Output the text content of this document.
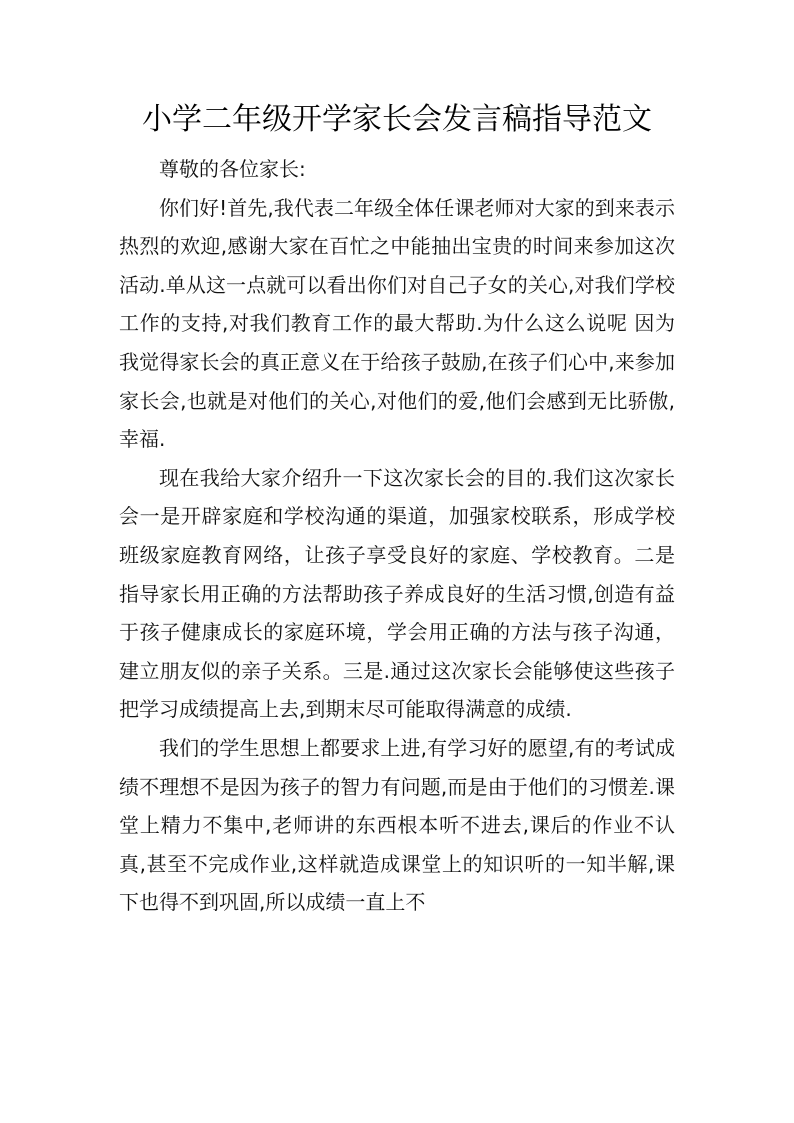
小学二年级开学家长会发言稿指导范文

尊敬的各位家长:

你们好!首先,我代表二年级全体任课老师对大家的到来表示热烈的欢迎,感谢大家在百忙之中能抽出宝贵的时间来参加这次活动.单从这一点就可以看出你们对自己子女的关心,对我们学校工作的支持,对我们教育工作的最大帮助.为什么这么说呢 因为我觉得家长会的真正意义在于给孩子鼓励,在孩子们心中,来参加家长会,也就是对他们的关心,对他们的爱,他们会感到无比骄傲,幸福.

现在我给大家介绍升一下这次家长会的目的.我们这次家长会一是开辟家庭和学校沟通的渠道，加强家校联系，形成学校班级家庭教育网络，让孩子享受良好的家庭、学校教育。二是指导家长用正确的方法帮助孩子养成良好的生活习惯,创造有益于孩子健康成长的家庭环境，学会用正确的方法与孩子沟通，建立朋友似的亲子关系。三是.通过这次家长会能够使这些孩子把学习成绩提高上去,到期末尽可能取得满意的成绩.

我们的学生思想上都要求上进,有学习好的愿望,有的考试成绩不理想不是因为孩子的智力有问题,而是由于他们的习惯差.课堂上精力不集中,老师讲的东西根本听不进去,课后的作业不认真,甚至不完成作业,这样就造成课堂上的知识听的一知半解,课下也得不到巩固,所以成绩一直上不
